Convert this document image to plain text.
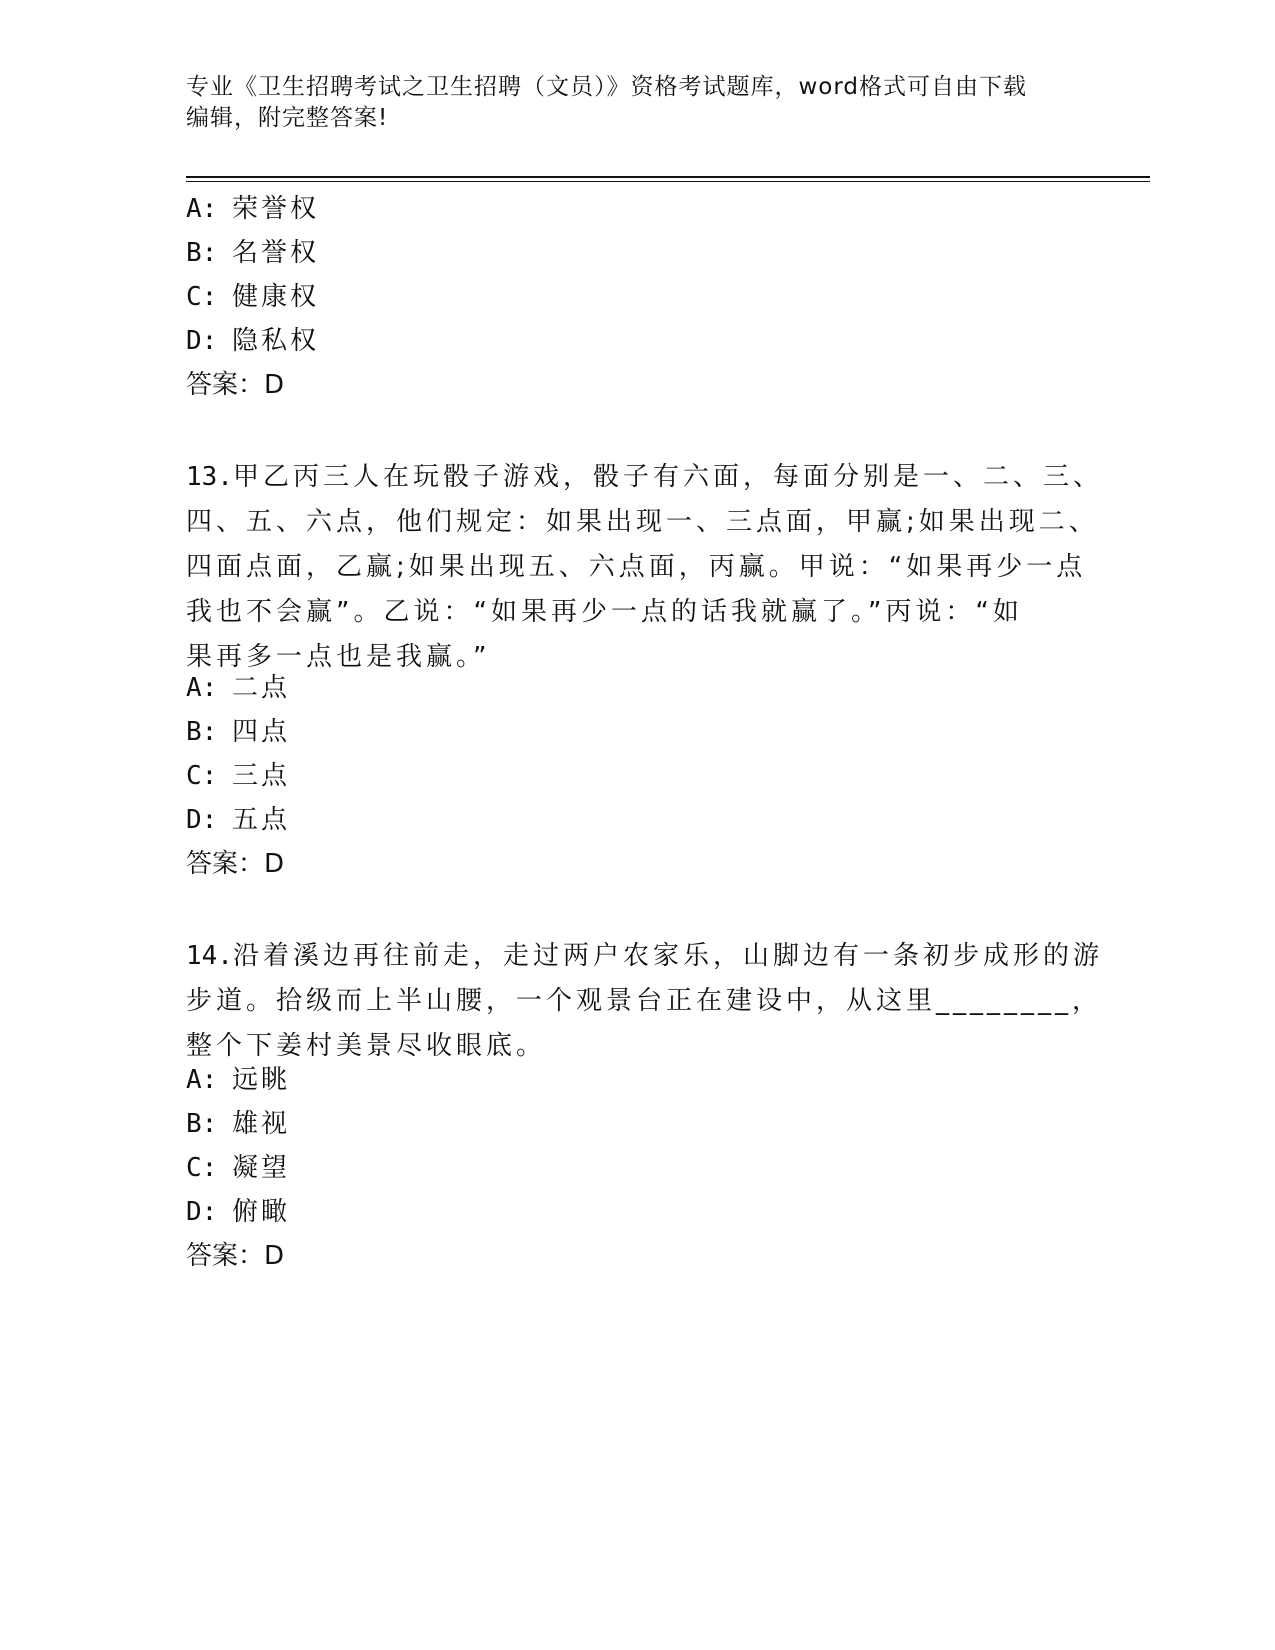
专业《卫生招聘考试之卫生招聘（文员）》资格考试题库，word格式可自由下载
编辑，附完整答案!
A: 荣誉权
B: 名誉权
C: 健康权
D: 隐私权
答案：D
13.甲乙丙三人在玩骰子游戏，骰子有六面，每面分别是一、二、三、
四、五、六点，他们规定：如果出现一、三点面，甲赢;如果出现二、
四面点面，乙赢;如果出现五、六点面，丙赢。甲说：“如果再少一点
我也不会赢”。乙说：“如果再少一点的话我就赢了。”丙说：“如
果再多一点也是我赢。”
A: 二点
B: 四点
C: 三点
D: 五点
答案：D
14.沿着溪边再往前走，走过两户农家乐，山脚边有一条初步成形的游
步道。拾级而上半山腰，一个观景台正在建设中，从这里________，
整个下姜村美景尽收眼底。
A: 远眺
B: 雄视
C: 凝望
D: 俯瞰
答案：D
